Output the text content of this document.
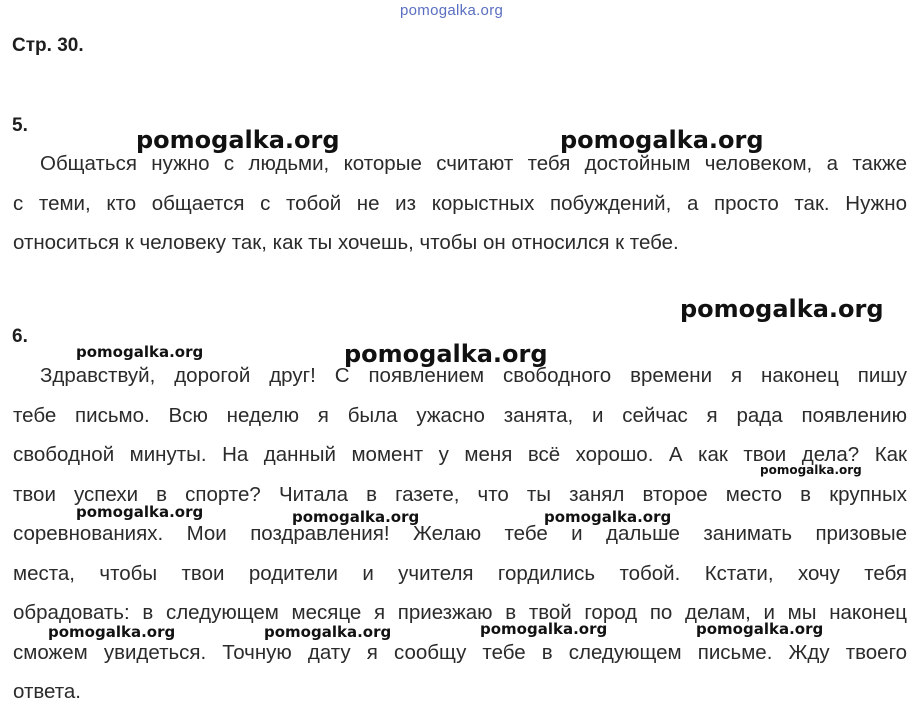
pomogalka.org
Стр. 30.
5.
Общаться нужно с людьми, которые считают тебя достойным человеком, а также
с теми, кто общается с тобой не из корыстных побуждений, а просто так. Нужно
относиться к человеку так, как ты хочешь, чтобы он относился к тебе.
6.
Здравствуй, дорогой друг! С появлением свободного времени я наконец пишу
тебе письмо. Всю неделю я была ужасно занята, и сейчас я рада появлению
свободной минуты. На данный момент у меня всё хорошо. А как твои дела? Как
твои успехи в спорте? Читала в газете, что ты занял второе место в крупных
соревнованиях. Мои поздравления! Желаю тебе и дальше занимать призовые
места, чтобы твои родители и учителя гордились тобой. Кстати, хочу тебя
обрадовать: в следующем месяце я приезжаю в твой город по делам, и мы наконец
сможем увидеться. Точную дату я сообщу тебе в следующем письме. Жду твоего
ответа.
pomogalka.org	pomogalka.org
pomogalka.org
pomogalka.org
pomogalka.org
pomogalka.org
pomogalka.org	pomogalka.org	pomogalka.org
pomogalka.org	pomogalka.org	pomogalka.org	pomogalka.org
